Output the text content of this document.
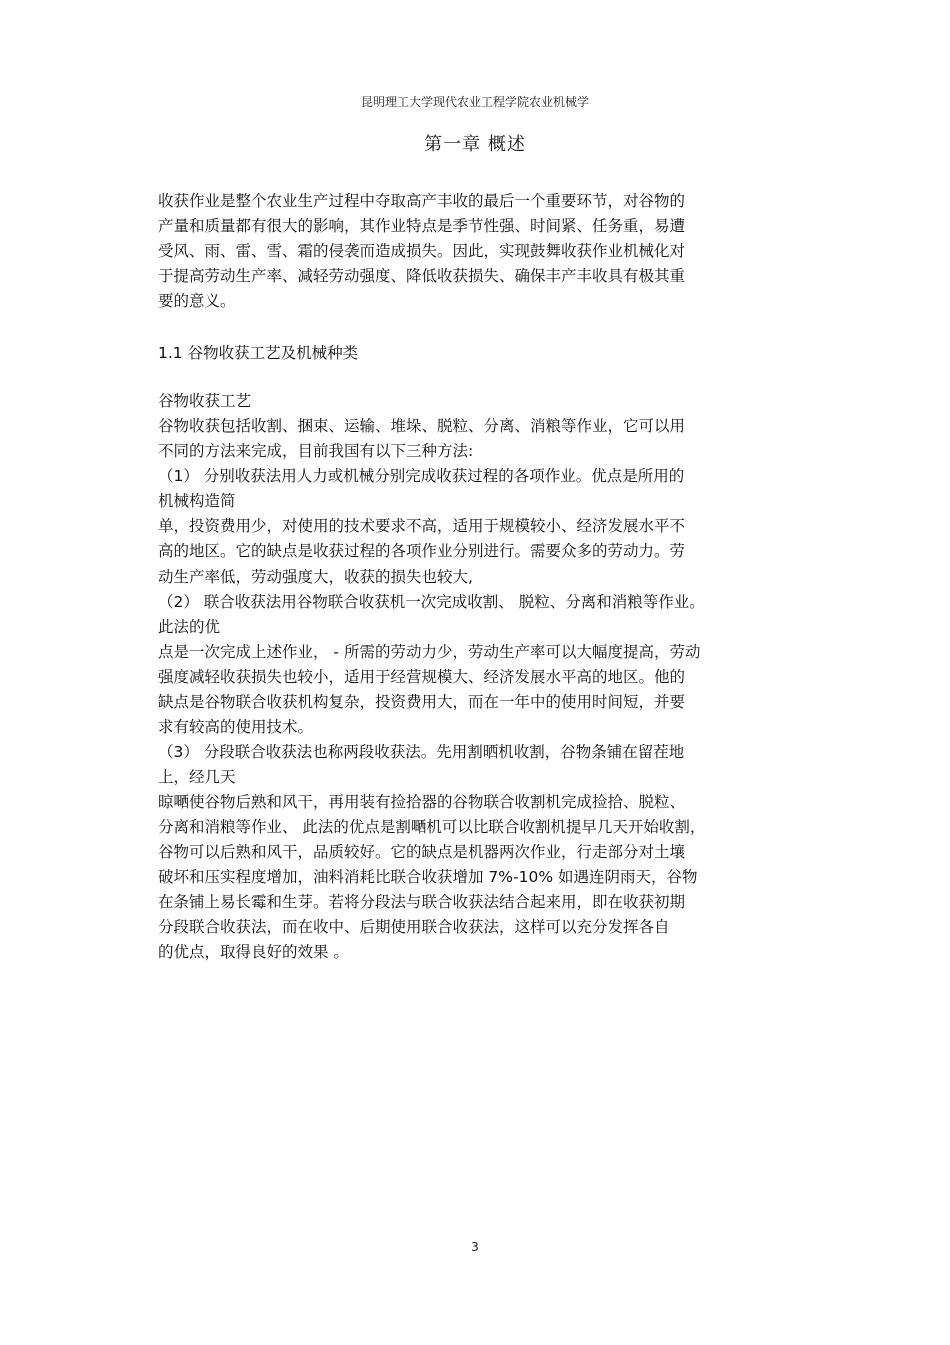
昆明理工大学现代农业工程学院农业机械学
第一章 概述
收获作业是整个农业生产过程中夺取高产丰收的最后一个重要环节，对谷物的
产量和质量都有很大的影响，其作业特点是季节性强、时间紧、任务重，易遭
受风、雨、雷、雪、霜的侵袭而造成损失。因此，实现鼓舞收获作业机械化对
于提高劳动生产率、减轻劳动强度、降低收获损失、确保丰产丰收具有极其重
要的意义。
1.1 谷物收获工艺及机械种类
谷物收获工艺
谷物收获包括收割、捆束、运输、堆垛、脱粒、分离、消粮等作业，它可以用
不同的方法来完成，目前我国有以下三种方法:
（1） 分别收获法用人力或机械分别完成收获过程的各项作业。优点是所用的
机械构造简
单，投资费用少，对使用的技术要求不高，适用于规模较小、经济发展水平不
高的地区。它的缺点是收获过程的各项作业分别进行。需要众多的劳动力。劳
动生产率低，劳动强度大，收获的损失也较大,
（2） 联合收获法用谷物联合收获机一次完成收割、 脱粒、分离和消粮等作业。
此法的优
点是一次完成上述作业， - 所需的劳动力少，劳动生产率可以大幅度提高，劳动
强度减轻收获损失也较小，适用于经营规模大、经济发展水平高的地区。他的
缺点是谷物联合收获机构复杂，投资费用大，而在一年中的使用时间短，并要
求有较高的使用技术。
（3） 分段联合收获法也称两段收获法。先用割晒机收割，谷物条铺在留茬地
上，经几天
晾嗮使谷物后熟和风干，再用装有捡拾器的谷物联合收割机完成捡拾、脱粒、
分离和消粮等作业、 此法的优点是割嗮机可以比联合收割机提早几天开始收割，
谷物可以后熟和风干，品质较好。它的缺点是机器两次作业，行走部分对土壤
破坏和压实程度增加，油料消耗比联合收获增加 7%-10% 如遇连阴雨天，谷物
在条铺上易长霉和生芽。若将分段法与联合收获法结合起来用，即在收获初期
分段联合收获法，而在收中、后期使用联合收获法，这样可以充分发挥各自
的优点，取得良好的效果 。
3
